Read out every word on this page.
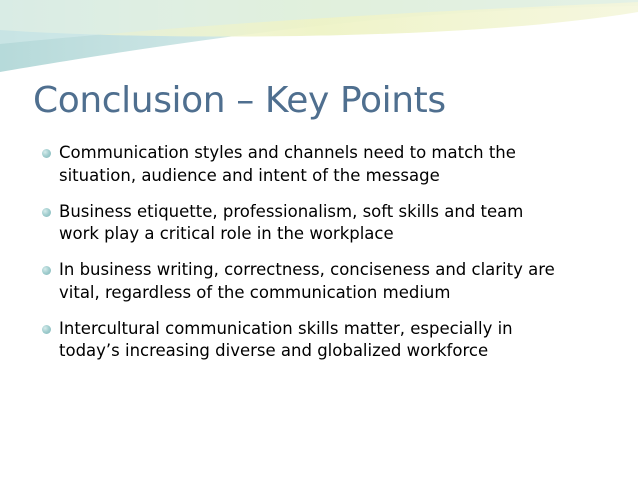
Conclusion – Key Points
Communication styles and channels need to match the
situation, audience and intent of the message
Business etiquette, professionalism, soft skills and team
work play a critical role in the workplace
In business writing, correctness, conciseness and clarity are
vital, regardless of the communication medium
Intercultural communication skills matter, especially in
today’s increasing diverse and globalized workforce
